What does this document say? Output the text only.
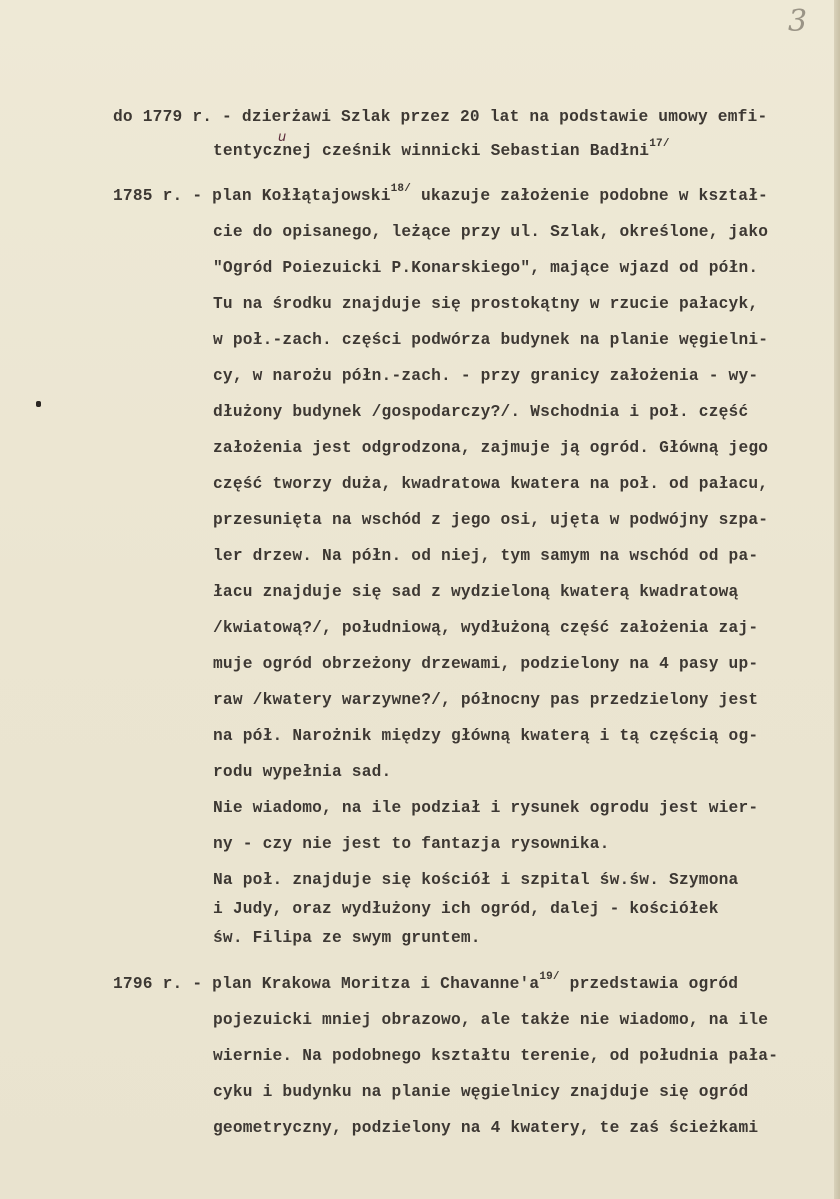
3
do 1779 r. - dzierżawi Szlak przez 20 lat na podstawie umowy emfi-
u
tentycznej cześnik winnicki Sebastian Badłni$^{17/}$
1785 r. - plan Kołłątajowski$^{18/}$ ukazuje założenie podobne w kształ-
cie do opisanego, leżące przy ul. Szlak, określone, jako
"Ogród Poiezuicki P.Konarskiego", mające wjazd od półn.
Tu na środku znajduje się prostokątny w rzucie pałacyk,
w poł.-zach. części podwórza budynek na planie węgielni-
cy, w narożu półn.-zach. - przy granicy założenia - wy-
dłużony budynek /gospodarczy?/. Wschodnia i poł. część
założenia jest odgrodzona, zajmuje ją ogród. Główną jego
część tworzy duża, kwadratowa kwatera na poł. od pałacu,
przesunięta na wschód z jego osi, ujęta w podwójny szpa-
ler drzew. Na półn. od niej, tym samym na wschód od pa-
łacu znajduje się sad z wydzieloną kwaterą kwadratową
/kwiatową?/, południową, wydłużoną część założenia zaj-
muje ogród obrzeżony drzewami, podzielony na 4 pasy up-
raw /kwatery warzywne?/, północny pas przedzielony jest
na pół. Narożnik między główną kwaterą i tą częścią og-
rodu wypełnia sad.
Nie wiadomo, na ile podział i rysunek ogrodu jest wier-
ny - czy nie jest to fantazja rysownika.
Na poł. znajduje się kościół i szpital św.św. Szymona
i Judy, oraz wydłużony ich ogród, dalej - kościółek
św. Filipa ze swym gruntem.
1796 r. - plan Krakowa Moritza i $Chavanne'a^{19/}$ przedstawia ogród
pojezuicki mniej obrazowo, ale także nie wiadomo, na ile
wiernie. Na podobnego kształtu terenie, od południa pała-
cyku i budynku na planie węgielnicy znajduje się ogród
geometryczny, podzielony na 4 kwatery, te zaś ścieżkami
